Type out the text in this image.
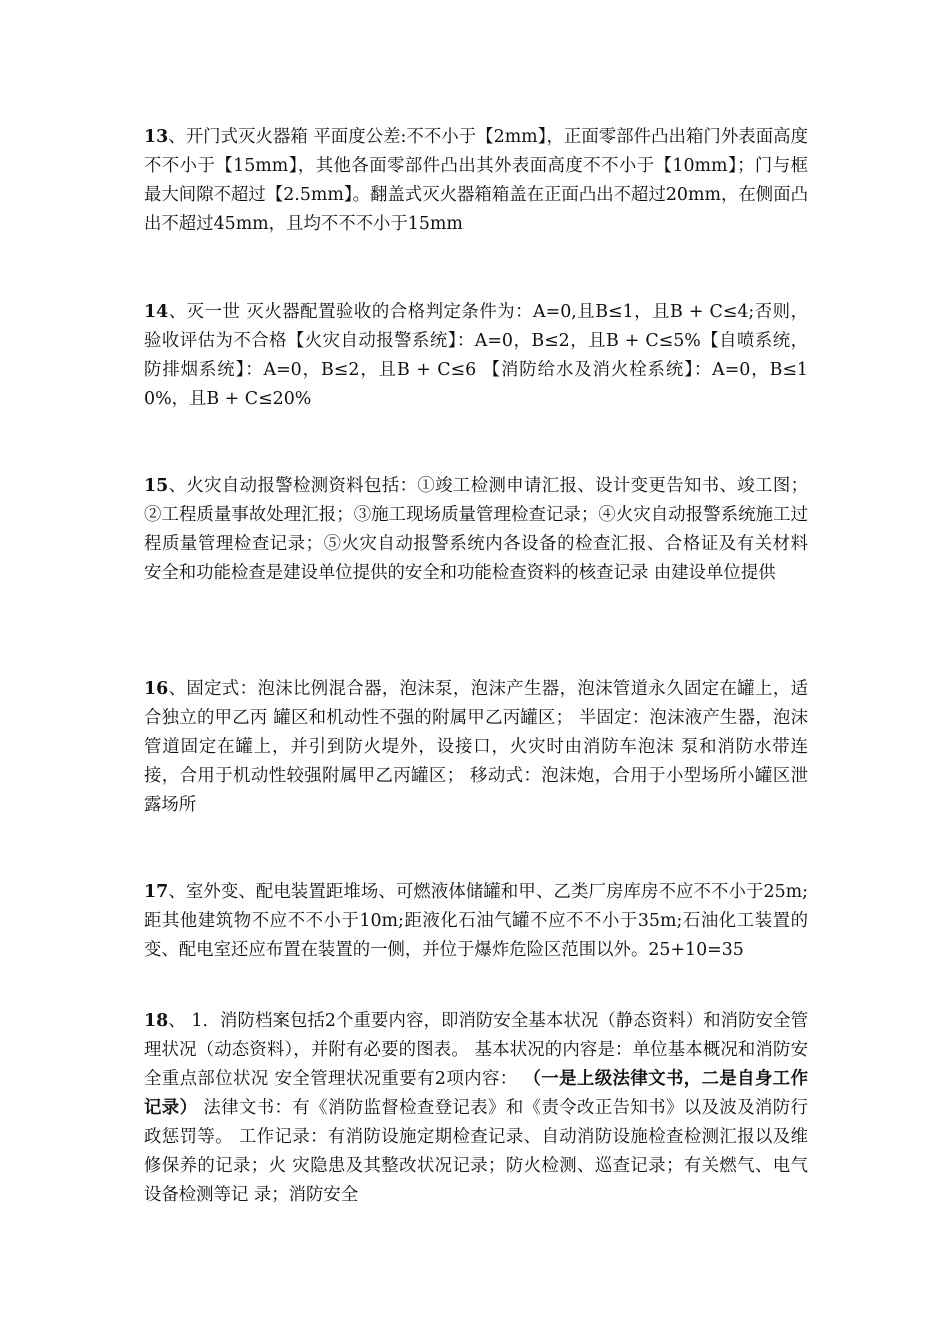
13、开门式灭火器箱 平面度公差:不不小于【2mm】，正面零部件凸出箱门外表面高度不不小于【15mm】，其他各面零部件凸出其外表面高度不不小于【10mm】；门与框最大间隙不超过【2.5mm】。翻盖式灭火器箱箱盖在正面凸出不超过20mm，在侧面凸出不超过45mm，且均不不不小于15mm

14、灭一世 灭火器配置验收的合格判定条件为：A=0,且B≤1，且B + C≤4;否则，验收评估为不合格【火灾自动报警系统】：A=0，B≤2，且B + C≤5%【自喷系统，防排烟系统】：A=0，B≤2，且B + C≤6 【消防给水及消火栓系统】：A=0，B≤10%，且B + C≤20%

15、火灾自动报警检测资料包括：①竣工检测申请汇报、设计变更告知书、竣工图；②工程质量事故处理汇报；③施工现场质量管理检查记录；④火灾自动报警系统施工过程质量管理检查记录；⑤火灾自动报警系统内各设备的检查汇报、合格证及有关材料 安全和功能检查是建设单位提供的安全和功能检查资料的核查记录 由建设单位提供

16、固定式：泡沫比例混合器，泡沫泵，泡沫产生器，泡沫管道永久固定在罐上，适合独立的甲乙丙 罐区和机动性不强的附属甲乙丙罐区； 半固定：泡沫液产生器，泡沫管道固定在罐上，并引到防火堤外，设接口，火灾时由消防车泡沫 泵和消防水带连接，合用于机动性较强附属甲乙丙罐区； 移动式：泡沫炮，合用于小型场所小罐区泄露场所

17、室外变、配电装置距堆场、可燃液体储罐和甲、乙类厂房库房不应不不小于25m;距其他建筑物不应不不小于10m;距液化石油气罐不应不不小于35m;石油化工装置的变、配电室还应布置在装置的一侧，并位于爆炸危险区范围以外。25+10=35

18、 1．消防档案包括2个重要内容，即消防安全基本状况（静态资料）和消防安全管理状况（动态资料），并附有必要的图表。 基本状况的内容是：单位基本概况和消防安全重点部位状况 安全管理状况重要有2项内容： （一是上级法律文书，二是自身工作记录） 法律文书：有《消防监督检查登记表》和《责令改正告知书》以及波及消防行政惩罚等。 工作记录：有消防设施定期检查记录、自动消防设施检查检测汇报以及维修保养的记录；火 灾隐患及其整改状况记录；防火检测、巡查记录；有关燃气、电气设备检测等记 录；消防安全
